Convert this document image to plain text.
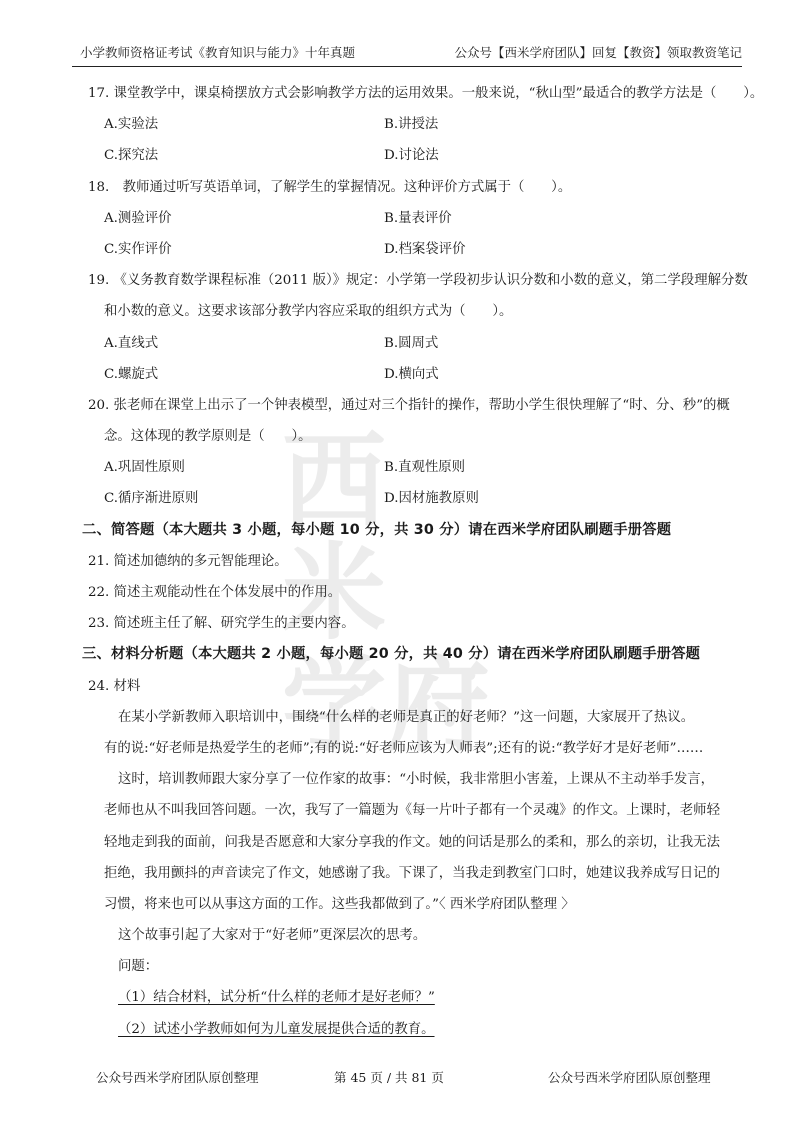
小学教师资格证考试《教育知识与能力》十年真题	公众号【西米学府团队】回复【教资】领取教资笔记
西
米
学 府
17. 课堂教学中，课桌椅摆放方式会影响教学方法的运用效果。一般来说，“秋山型”最适合的教学方法是（　　）。
A.实验法	B.讲授法
C.探究法	D.讨论法
18.　教师通过听写英语单词，了解学生的掌握情况。这种评价方式属于（　　）。
A.测验评价	B.量表评价
C.实作评价	D.档案袋评价
19. 《义务教育数学课程标准（2011 版）》规定：小学第一学段初步认识分数和小数的意义，第二学段理解分数
和小数的意义。这要求该部分教学内容应采取的组织方式为（　　）。
A.直线式	B.圆周式
C.螺旋式	D.横向式
20. 张老师在课堂上出示了一个钟表模型，通过对三个指针的操作，帮助小学生很快理解了“时、分、秒”的概
念。这体现的教学原则是（　　）。
A.巩固性原则	B.直观性原则
C.循序渐进原则	D.因材施教原则
二、简答题（本大题共 3 小题，每小题 10 分，共 30 分）请在西米学府团队刷题手册答题
21. 简述加德纳的多元智能理论。
22. 简述主观能动性在个体发展中的作用。
23. 简述班主任了解、研究学生的主要内容。
三、材料分析题（本大题共 2 小题，每小题 20 分，共 40 分）请在西米学府团队刷题手册答题
24. 材料
在某小学新教师入职培训中，围绕“什么样的老师是真正的好老师？”这一问题，大家展开了热议。
有的说:“好老师是热爱学生的老师”;有的说:“好老师应该为人师表”;还有的说:“教学好才是好老师”……
这时，培训教师跟大家分享了一位作家的故事：“小时候，我非常胆小害羞，上课从不主动举手发言，
老师也从不叫我回答问题。一次，我写了一篇题为《每一片叶子都有一个灵魂》的作文。上课时，老师轻
轻地走到我的面前，问我是否愿意和大家分享我的作文。她的问话是那么的柔和，那么的亲切，让我无法
拒绝，我用颤抖的声音读完了作文，她感谢了我。下课了，当我走到教室门口时，她建议我养成写日记的
习惯，将来也可以从事这方面的工作。这些我都做到了。”〈 西米学府团队整理 〉
这个故事引起了大家对于“好老师”更深层次的思考。
问题：
（1）结合材料，试分析“什么样的老师才是好老师？”
（2）试述小学教师如何为儿童发展提供合适的教育。
公众号西米学府团队原创整理	第 45 页 / 共 81 页	公众号西米学府团队原创整理
